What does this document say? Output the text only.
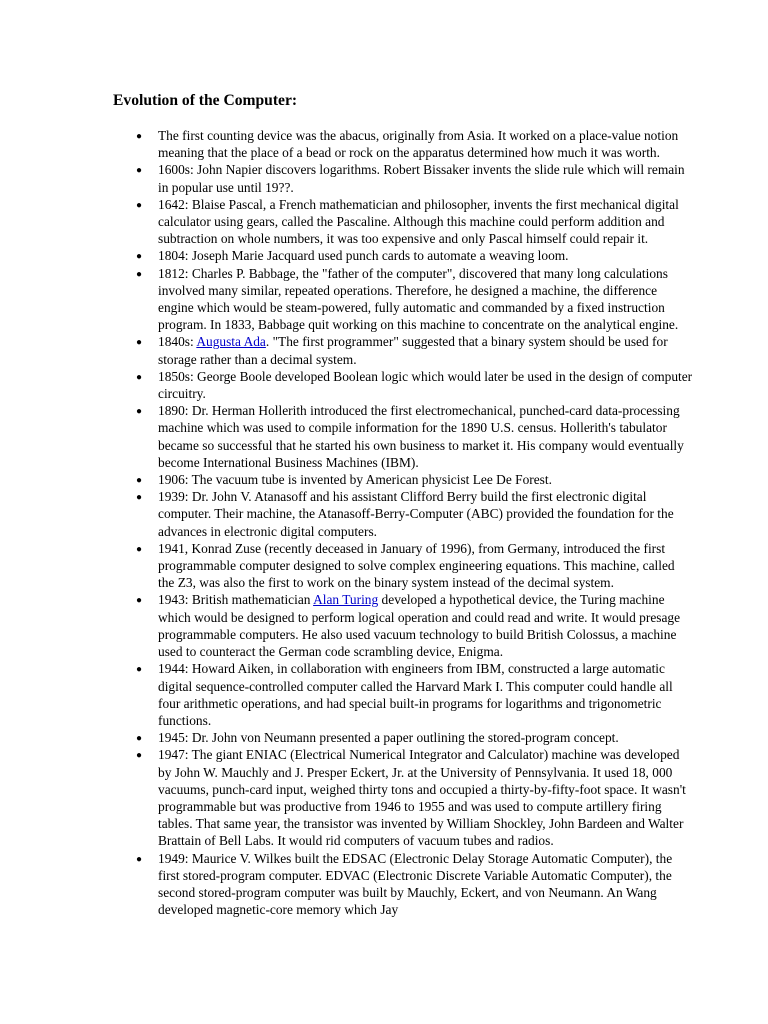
Evolution of the Computer:
● The first counting device was the abacus, originally from Asia. It worked on a place-value notion meaning that the place of a bead or rock on the apparatus determined how much it was worth.
● 1600s: John Napier discovers logarithms. Robert Bissaker invents the slide rule which will remain in popular use until 19??.
● 1642: Blaise Pascal, a French mathematician and philosopher, invents the first mechanical digital calculator using gears, called the Pascaline. Although this machine could perform addition and subtraction on whole numbers, it was too expensive and only Pascal himself could repair it.
● 1804: Joseph Marie Jacquard used punch cards to automate a weaving loom.
● 1812: Charles P. Babbage, the "father of the computer", discovered that many long calculations involved many similar, repeated operations. Therefore, he designed a machine, the difference engine which would be steam-powered, fully automatic and commanded by a fixed instruction program. In 1833, Babbage quit working on this machine to concentrate on the analytical engine.
● 1840s: Augusta Ada. "The first programmer" suggested that a binary system should be used for storage rather than a decimal system.
● 1850s: George Boole developed Boolean logic which would later be used in the design of computer circuitry.
● 1890: Dr. Herman Hollerith introduced the first electromechanical, punched-card data-processing machine which was used to compile information for the 1890 U.S. census. Hollerith's tabulator became so successful that he started his own business to market it. His company would eventually become International Business Machines (IBM).
● 1906: The vacuum tube is invented by American physicist Lee De Forest.
● 1939: Dr. John V. Atanasoff and his assistant Clifford Berry build the first electronic digital computer. Their machine, the Atanasoff-Berry-Computer (ABC) provided the foundation for the advances in electronic digital computers.
● 1941, Konrad Zuse (recently deceased in January of 1996), from Germany, introduced the first programmable computer designed to solve complex engineering equations. This machine, called the Z3, was also the first to work on the binary system instead of the decimal system.
● 1943: British mathematician Alan Turing developed a hypothetical device, the Turing machine which would be designed to perform logical operation and could read and write. It would presage programmable computers. He also used vacuum technology to build British Colossus, a machine used to counteract the German code scrambling device, Enigma.
● 1944: Howard Aiken, in collaboration with engineers from IBM, constructed a large automatic digital sequence-controlled computer called the Harvard Mark I. This computer could handle all four arithmetic operations, and had special built-in programs for logarithms and trigonometric functions.
● 1945: Dr. John von Neumann presented a paper outlining the stored-program concept.
● 1947: The giant ENIAC (Electrical Numerical Integrator and Calculator) machine was developed by John W. Mauchly and J. Presper Eckert, Jr. at the University of Pennsylvania. It used 18, 000 vacuums, punch-card input, weighed thirty tons and occupied a thirty-by-fifty-foot space. It wasn't programmable but was productive from 1946 to 1955 and was used to compute artillery firing tables. That same year, the transistor was invented by William Shockley, John Bardeen and Walter Brattain of Bell Labs. It would rid computers of vacuum tubes and radios.
● 1949: Maurice V. Wilkes built the EDSAC (Electronic Delay Storage Automatic Computer), the first stored-program computer. EDVAC (Electronic Discrete Variable Automatic Computer), the second stored-program computer was built by Mauchly, Eckert, and von Neumann. An Wang developed magnetic-core memory which Jay
